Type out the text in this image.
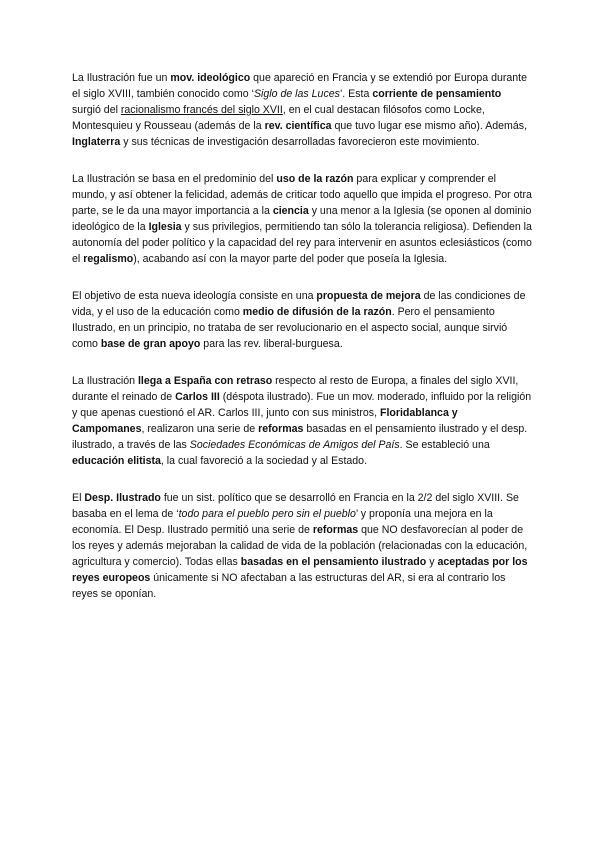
La Ilustración fue un mov. ideológico que apareció en Francia y se extendió por Europa durante el siglo XVIII, también conocido como ‘Siglo de las Luces’. Esta corriente de pensamiento surgió del racionalismo francés del siglo XVII, en el cual destacan filósofos como Locke, Montesquieu y Rousseau (además de la rev. científica que tuvo lugar ese mismo año). Además, Inglaterra y sus técnicas de investigación desarrolladas favorecieron este movimiento.

La Ilustración se basa en el predominio del uso de la razón para explicar y comprender el mundo, y así obtener la felicidad, además de criticar todo aquello que impida el progreso. Por otra parte, se le da una mayor importancia a la ciencia y una menor a la Iglesia (se oponen al dominio ideológico de la Iglesia y sus privilegios, permitiendo tan sólo la tolerancia religiosa). Defienden la autonomía del poder político y la capacidad del rey para intervenir en asuntos eclesiásticos (como el regalismo), acabando así con la mayor parte del poder que poseía la Iglesia.

El objetivo de esta nueva ideología consiste en una propuesta de mejora de las condiciones de vida, y el uso de la educación como medio de difusión de la razón. Pero el pensamiento Ilustrado, en un principio, no trataba de ser revolucionario en el aspecto social, aunque sirvió como base de gran apoyo para las rev. liberal-burguesa.

La Ilustración llega a España con retraso respecto al resto de Europa, a finales del siglo XVII, durante el reinado de Carlos III (déspota ilustrado). Fue un mov. moderado, influido por la religión y que apenas cuestionó el AR. Carlos III, junto con sus ministros, Floridablanca y Campomanes, realizaron una serie de reformas basadas en el pensamiento ilustrado y el desp. ilustrado, a través de las Sociedades Económicas de Amigos del País. Se estableció una educación elitista, la cual favoreció a la sociedad y al Estado.

El Desp. Ilustrado fue un sist. político que se desarrolló en Francia en la 2/2 del siglo XVIII. Se basaba en el lema de ‘todo para el pueblo pero sin el pueblo’ y proponía una mejora en la economía. El Desp. Ilustrado permitió una serie de reformas que NO desfavorecían al poder de los reyes y además mejoraban la calidad de vida de la población (relacionadas con la educación, agricultura y comercio). Todas ellas basadas en el pensamiento ilustrado y aceptadas por los reyes europeos únicamente si NO afectaban a las estructuras del AR, si era al contrario los reyes se oponían.
